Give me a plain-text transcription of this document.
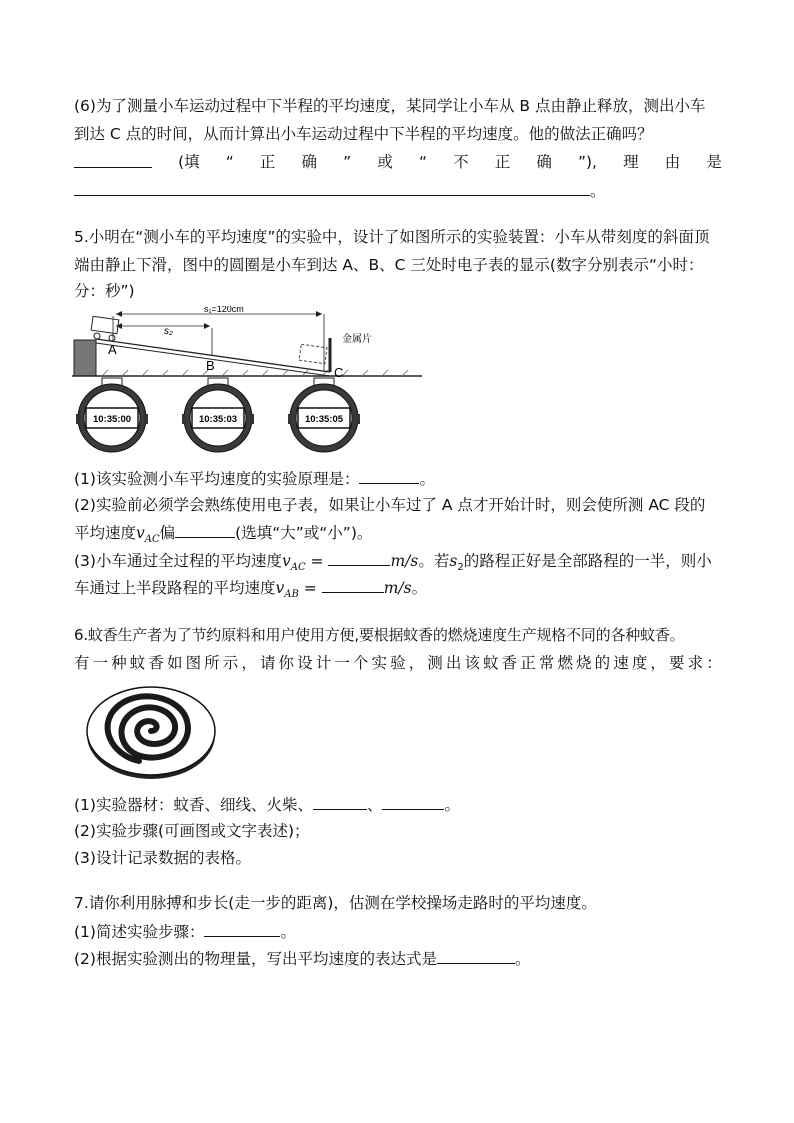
(6)为了测量小车运动过程中下半程的平均速度，某同学让小车从 B 点由静止释放，测出小车
到达 C 点的时间，从而计算出小车运动过程中下半程的平均速度。他的做法正确吗？
(填 “ 正 确 ” 或 “ 不 正 确 ”), 理 由 是
。
5.小明在“测小车的平均速度”的实验中，设计了如图所示的实验装置：小车从带刻度的斜面顶
端由静止下滑，图中的圆圈是小车到达 A、B、C 三处时电子表的显示(数字分别表示“小时：
分：秒”)
金属片
s₁=120cm
s₂
A
B	C
10:35:00	10:35:03	10:35:05
(1)该实验测小车平均速度的实验原理是：	。
(2)实验前必须学会熟练使用电子表，如果让小车过了 A 点才开始计时，则会使所测 AC 段的
平均速度$v_{AC}$偏	(选填“大”或“小”)。
(3)小车通过全过程的平均速度$v_{AC}$ =	m/s。若$s_2$的路程正好是全部路程的一半，则小
车通过上半段路程的平均速度$v_{AB}$ =	m/s。
6.蚊香生产者为了节约原料和用户使用方便,要根据蚊香的燃烧速度生产规格不同的各种蚊香。
有 一 种 蚊 香 如 图 所 示 ， 请 你 设 计 一 个 实 验 ， 测 出 该 蚊 香 正 常 燃 烧 的 速 度 ， 要 求 ：
(1)实验器材：蚊香、细线、火柴、	、	。
(2)实验步骤(可画图或文字表述)；
(3)设计记录数据的表格。
7.请你利用脉搏和步长(走一步的距离)，估测在学校操场走路时的平均速度。
(1)简述实验步骤：	。
(2)根据实验测出的物理量，写出平均速度的表达式是	。
